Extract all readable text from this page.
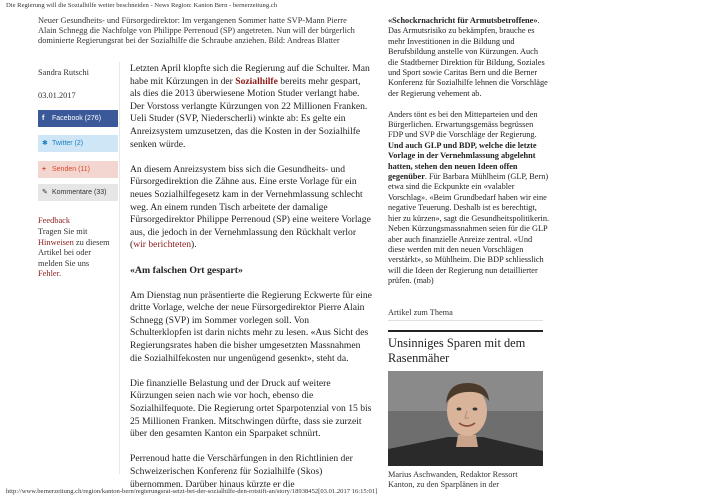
Die Regierung will die Sozialhilfe weiter beschneiden - News Region: Kanton Bern - bernerzeitung.ch
Neuer Gesundheits- und Fürsorgedirektor: Im vergangenen Sommer hatte SVP-Mann Pierre Alain Schnegg die Nachfolge von Philippe Perrenoud (SP) angetreten. Nun will der bürgerlich dominierte Regierungsrat bei der Sozialhilfe die Schraube anziehen. Bild: Andreas Blatter
Sandra Rutschi
03.01.2017
f Facebook (276)
✱ Twitter (2)
+ Senden (11)
✎ Kommentare (33)
Feedback
Tragen Sie mit Hinweisen zu diesem Artikel bei oder melden Sie uns Fehler.

Letzten April klopfte sich die Regierung auf die Schulter. Man habe mit Kürzungen in der Sozialhilfe bereits mehr gespart, als dies die 2013 überwiesene Motion Studer verlangt habe. Der Vorstoss verlangte Kürzungen von 22 Millionen Franken. Ueli Studer (SVP, Niederscherli) winkte ab: Es gelte ein Anreizsystem umzusetzen, das die Kosten in der Sozialhilfe senken würde.

An diesem Anreizsystem biss sich die Gesundheits- und Fürsorgedirektion die Zähne aus. Eine erste Vorlage für ein neues Sozialhilfegesetz kam in der Vernehmlassung schlecht weg. An einem runden Tisch arbeitete der damalige Fürsorgedirektor Philippe Perrenoud (SP) eine weitere Vorlage aus, die jedoch in der Vernehmlassung den Rückhalt verlor (wir berichteten).

«Am falschen Ort gespart»

Am Dienstag nun präsentierte die Regierung Eckwerte für eine dritte Vorlage, welche der neue Fürsorgedirektor Pierre Alain Schnegg (SVP) im Sommer vorlegen soll. Von Schulterklopfen ist darin nichts mehr zu lesen. «Aus Sicht des Regierungsrates haben die bisher umgesetzten Massnahmen die Sozialhilfekosten nur ungenügend gesenkt», steht da.

Die finanzielle Belastung und der Druck auf weitere Kürzungen seien nach wie vor hoch, ebenso die Sozialhilfequote. Die Regierung ortet Sparpotenzial von 15 bis 25 Millionen Franken. Mitschwingen dürfte, dass sie zurzeit über den gesamten Kanton ein Sparpaket schnürt.

Perrenoud hatte die Verschärfungen in den Richtlinien der Schweizerischen Konferenz für Sozialhilfe (Skos) übernommen. Darüber hinaus kürzte er die

«Schockrnachricht für Armutsbetroffene». Das Armutsrisiko zu bekämpfen, brauche es mehr Investitionen in die Bildung und Berufsbildung anstelle von Kürzungen. Auch die Stadtberner Direktion für Bildung, Soziales und Sport sowie Caritas Bern und die Berner Konferenz für Sozialhilfe lehnen die Vorschläge der Regierung vehement ab.

Anders tönt es bei den Mitteparteien und den Bürgerlichen. Erwartungsgemäss begrüssen FDP und SVP die Vorschläge der Regierung. Und auch GLP und BDP, welche die letzte Vorlage in der Vernehmlassung abgelehnt hatten, stehen den neuen Ideen offen gegenüber. Für Barbara Mühlheim (GLP, Bern) etwa sind die Eckpunkte ein «valabler Vorschlag». «Beim Grundbedarf haben wir eine negative Teuerung. Deshalb ist es berechtigt, hier zu kürzen», sagt die Gesundheitspolitikerin. Neben Kürzungsmassnahmen seien für die GLP aber auch finanzielle Anreize zentral. «Und diese werden mit den neuen Vorschlägen verstärkt», so Mühlheim. Die BDP schliesslich will die Ideen der Regierung nun detaillierter prüfen. (mab)

Artikel zum Thema
Unsinniges Sparen mit dem Rasenmäher
Marius Aschwanden, Redaktor Ressort Kanton, zu den Sparplänen in der
http://www.bernerzeitung.ch/region/kanton-bern/regierungsrat-setzt-bei-der-sozialhilfe-den-rotstift-an/story/18938452[03.01.2017 16:15:01]
